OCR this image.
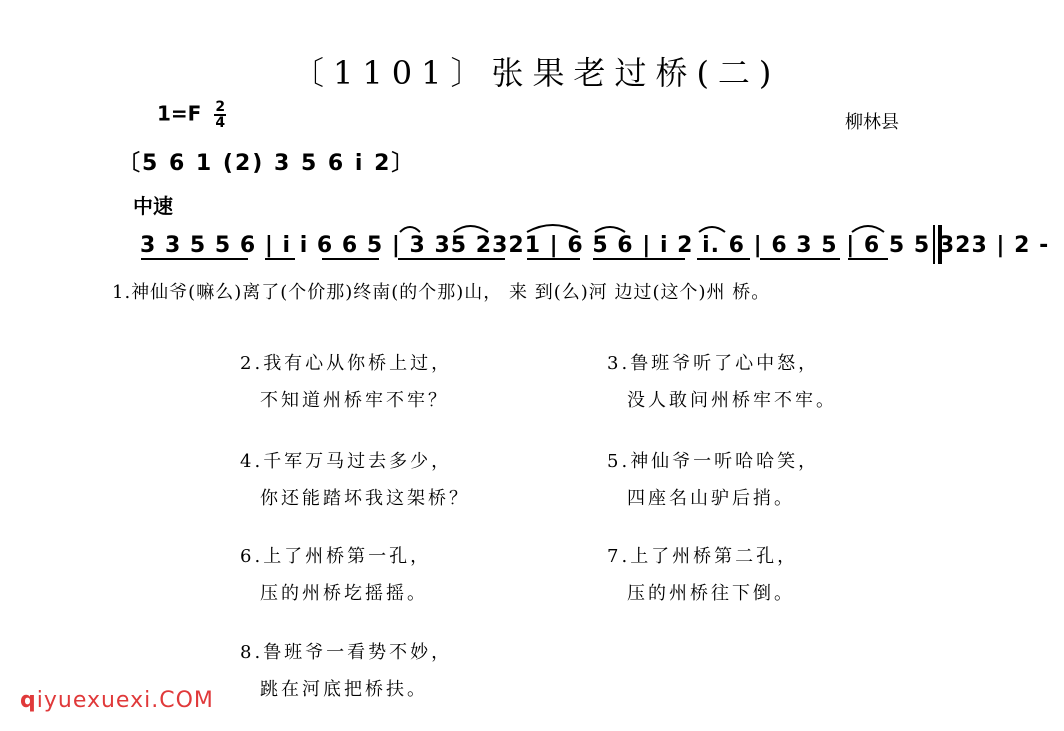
〔1101〕张果老过桥(二)
$1=F \frac{2}{4}$	柳林县
〔5 6 1 (2) 3 5 6 i 2〕
中速
3 3 5 5 6 | i i 6 6 5 | 3 35 2321 | 6 5 6 | i 2 i. 6 | 6 3 5 | 6 5 5 323 | 2 -
1.神仙爷(嘛么)离了(个价那)终南(的个那)山， 来 到(么)河 边过(这个)州 桥。
2.我有心从你桥上过，
不知道州桥牢不牢？
3.鲁班爷听了心中怒，
没人敢问州桥牢不牢。
4.千军万马过去多少，
你还能踏坏我这架桥？
5.神仙爷一听哈哈笑，
四座名山驴后捎。
6.上了州桥第一孔，
压的州桥圪摇摇。
7.上了州桥第二孔，
压的州桥往下倒。
8.鲁班爷一看势不妙，
跳在河底把桥扶。
qiyuexuexi.COM
